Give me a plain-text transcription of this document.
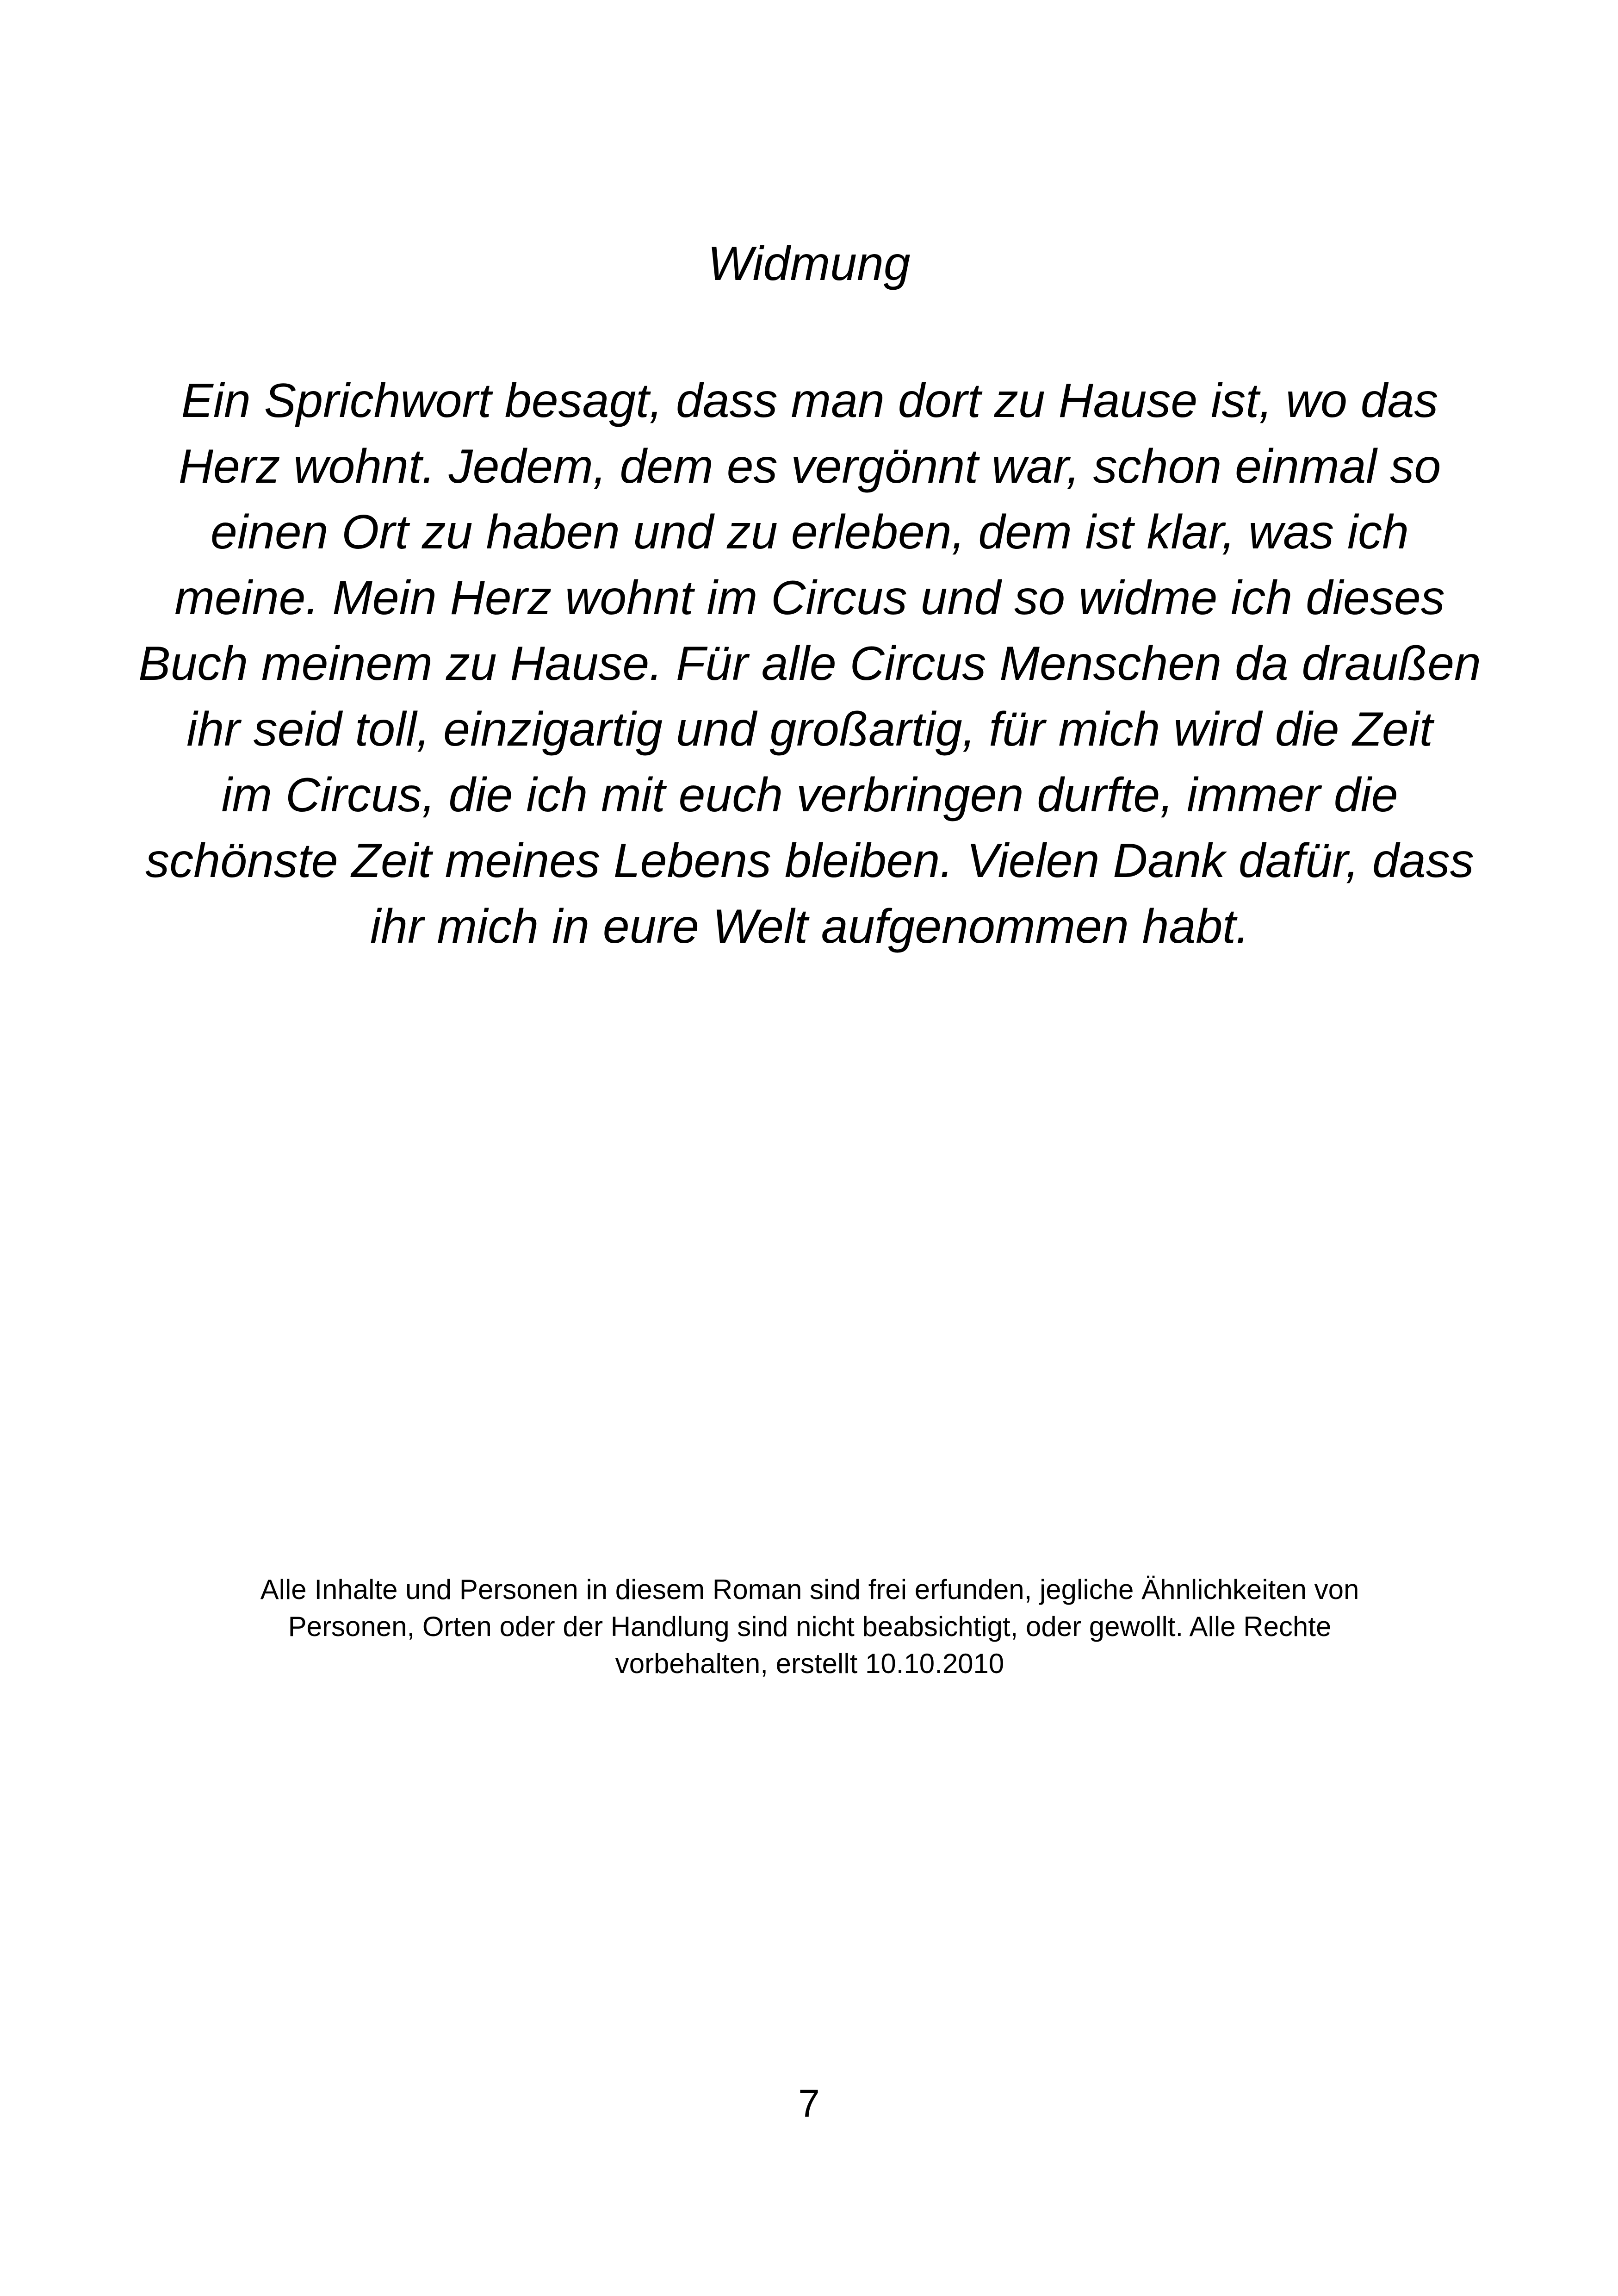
Widmung
Ein Sprichwort besagt, dass man dort zu Hause ist, wo das
Herz wohnt. Jedem, dem es vergönnt war, schon einmal so
einen Ort zu haben und zu erleben, dem ist klar, was ich
meine. Mein Herz wohnt im Circus und so widme ich dieses
Buch meinem zu Hause. Für alle Circus Menschen da draußen
ihr seid toll, einzigartig und großartig, für mich wird die Zeit
im Circus, die ich mit euch verbringen durfte, immer die
schönste Zeit meines Lebens bleiben. Vielen Dank dafür, dass
ihr mich in eure Welt aufgenommen habt.
Alle Inhalte und Personen in diesem Roman sind frei erfunden, jegliche Ähnlichkeiten von
Personen, Orten oder der Handlung sind nicht beabsichtigt, oder gewollt. Alle Rechte
vorbehalten, erstellt 10.10.2010
7
